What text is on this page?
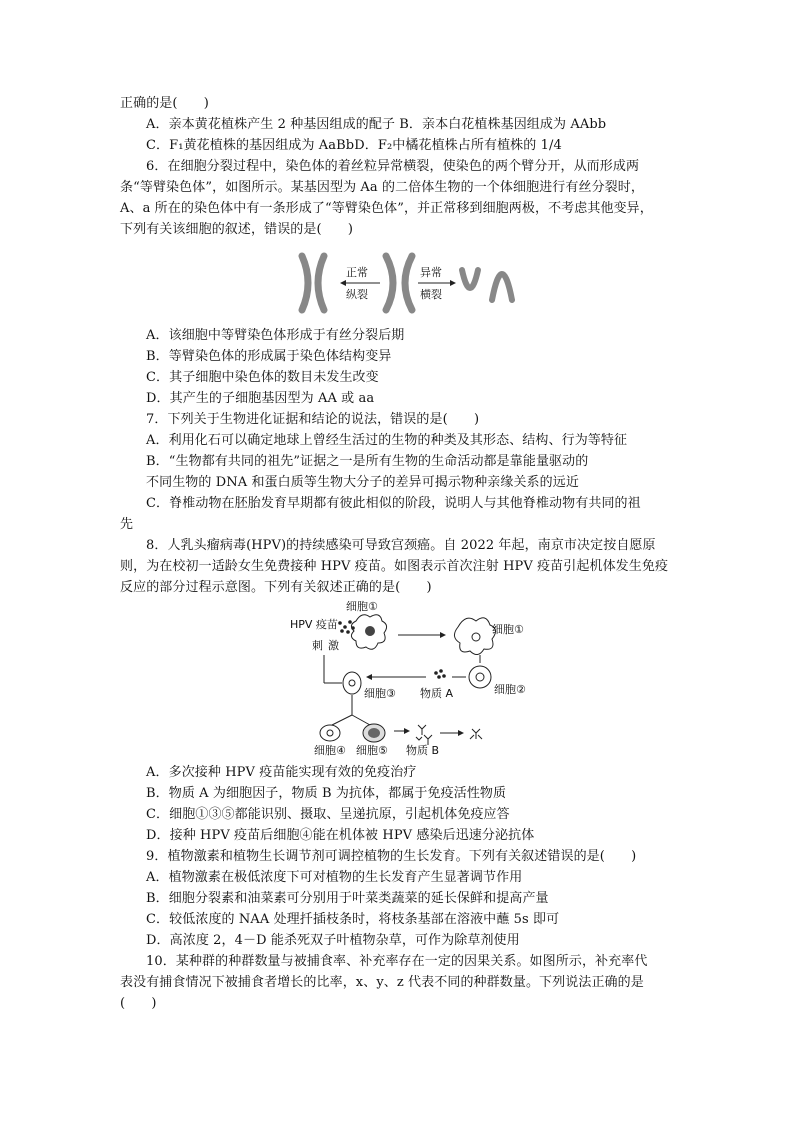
正确的是(　　)
A．亲本黄花植株产生 2 种基因组成的配子 B．亲本白花植株基因组成为 AAbb
C．F₁黄花植株的基因组成为 AaBbD．F₂中橘花植株占所有植株的 1/4
6．在细胞分裂过程中，染色体的着丝粒异常横裂，使染色的两个臂分开，从而形成两
条“等臂染色体”，如图所示。某基因型为 Aa 的二倍体生物的一个体细胞进行有丝分裂时，
A、a 所在的染色体中有一条形成了“等臂染色体”，并正常移到细胞两极，不考虑其他变异，
下列有关该细胞的叙述，错误的是(　　)
正常
纵裂
异常
横裂
A．该细胞中等臂染色体形成于有丝分裂后期
B．等臂染色体的形成属于染色体结构变异
C．其子细胞中染色体的数目未发生改变
D．其产生的子细胞基因型为 AA 或 aa
7．下列关于生物进化证据和结论的说法，错误的是(　　)
A．利用化石可以确定地球上曾经生活过的生物的种类及其形态、结构、行为等特征
B．“生物都有共同的祖先”证据之一是所有生物的生命活动都是靠能量驱动的
不同生物的 DNA 和蛋白质等生物大分子的差异可揭示物种亲缘关系的远近
C．脊椎动物在胚胎发育早期都有彼此相似的阶段，说明人与其他脊椎动物有共同的祖
先
8．人乳头瘤病毒(HPV)的持续感染可导致宫颈癌。自 2022 年起，南京市决定按自愿原
则，为在校初一适龄女生免费接种 HPV 疫苗。如图表示首次注射 HPV 疫苗引起机体发生免疫
反应的部分过程示意图。下列有关叙述正确的是(　　)
细胞①
HPV 疫苗
刺 激
细胞①
细胞②
细胞③ 物质 A
细胞④ 细胞⑤ 物质 B
A．多次接种 HPV 疫苗能实现有效的免疫治疗
B．物质 A 为细胞因子，物质 B 为抗体，都属于免疫活性物质
C．细胞①③⑤都能识别、摄取、呈递抗原，引起机体免疫应答
D．接种 HPV 疫苗后细胞④能在机体被 HPV 感染后迅速分泌抗体
9．植物激素和植物生长调节剂可调控植物的生长发育。下列有关叙述错误的是(　　)
A．植物激素在极低浓度下可对植物的生长发育产生显著调节作用
B．细胞分裂素和油菜素可分别用于叶菜类蔬菜的延长保鲜和提高产量
C．较低浓度的 NAA 处理扦插枝条时，将枝条基部在溶液中蘸 5s 即可
D．高浓度 2，4－D 能杀死双子叶植物杂草，可作为除草剂使用
10．某种群的种群数量与被捕食率、补充率存在一定的因果关系。如图所示，补充率代
表没有捕食情况下被捕食者增长的比率，x、y、z 代表不同的种群数量。下列说法正确的是
(　　)
